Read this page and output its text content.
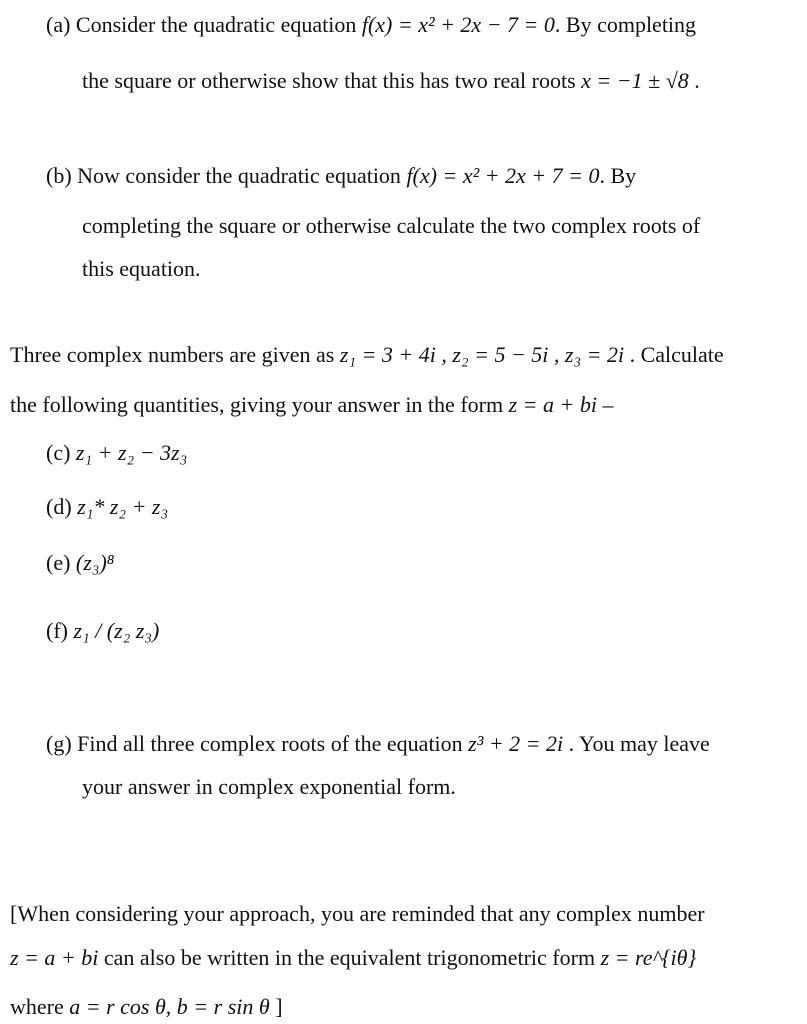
(a) Consider the quadratic equation f(x) = x² + 2x − 7 = 0. By completing
the square or otherwise show that this has two real roots x = −1 ± √8 .
(b) Now consider the quadratic equation f(x) = x² + 2x + 7 = 0. By
completing the square or otherwise calculate the two complex roots of
this equation.
Three complex numbers are given as z₁ = 3 + 4i , z₂ = 5 − 5i , z₃ = 2i . Calculate
the following quantities, giving your answer in the form z = a + bi –
(c) z₁ + z₂ − 3z₃
(d) z₁* z₂ + z₃
(e) (z₃)⁸
(f) z₁ / (z₂ z₃)
(g) Find all three complex roots of the equation z³ + 2 = 2i . You may leave
your answer in complex exponential form.
[When considering your approach, you are reminded that any complex number
z = a + bi can also be written in the equivalent trigonometric form z = re^{iθ}
where a = r cos θ, b = r sin θ ]
